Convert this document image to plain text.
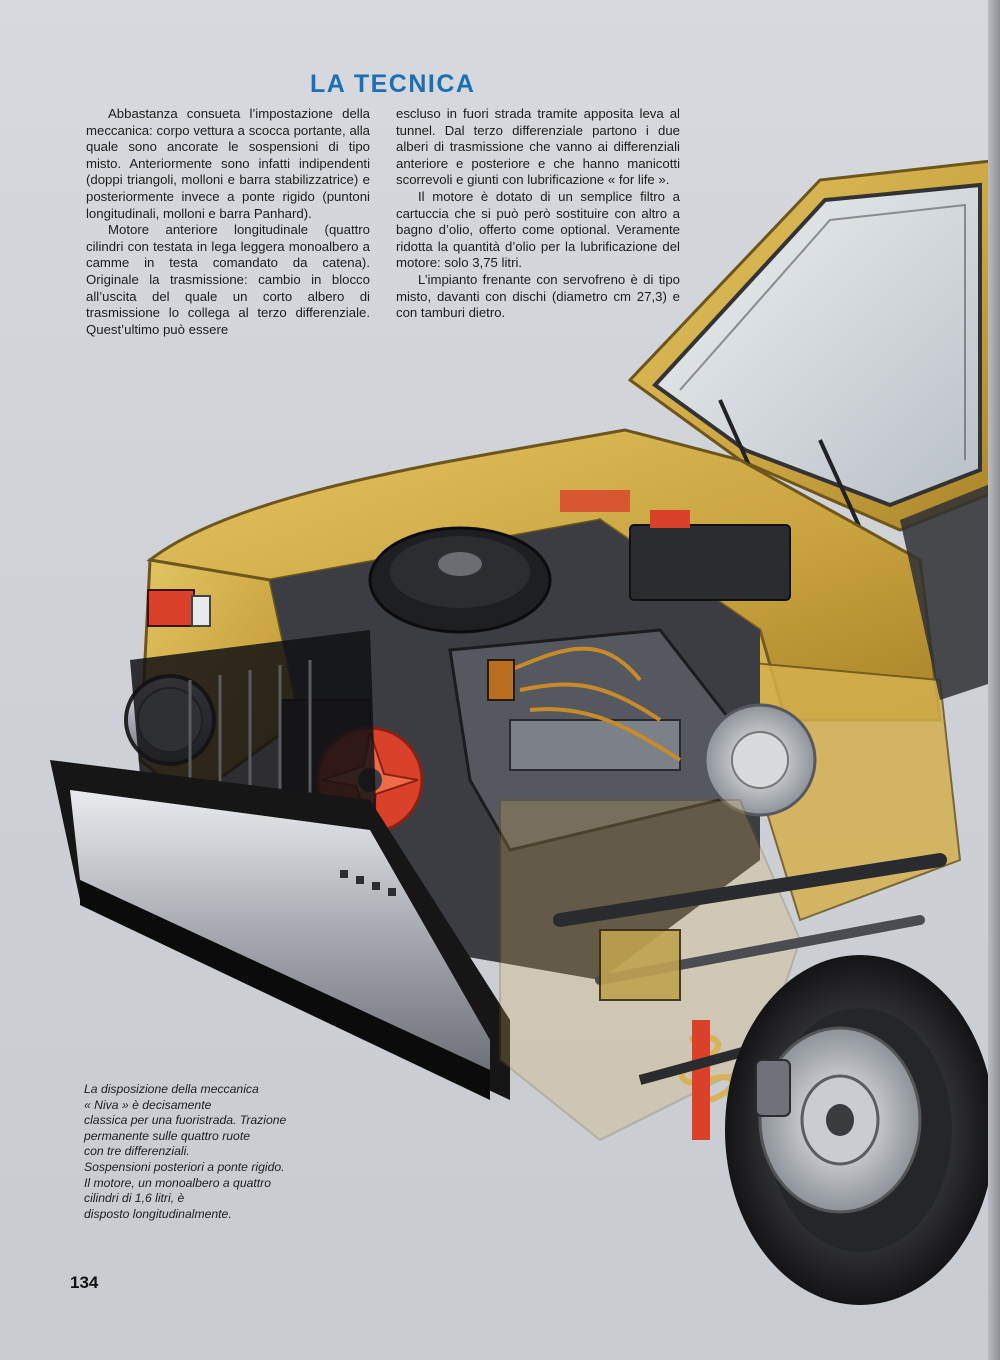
LA TECNICA

Abbastanza consueta l’impostazione della meccanica: corpo vettura a scocca portante, alla quale sono ancorate le sospensioni di tipo misto. Anteriormente sono infatti indipendenti (doppi triangoli, molloni e barra stabilizzatrice) e posteriormente invece a ponte rigido (puntoni longitudinali, molloni e barra Panhard).

Motore anteriore longitudinale (quattro cilindri con testata in lega leggera monoalbero a camme in testa comandato da catena). Originale la trasmissione: cambio in blocco all’uscita del quale un corto albero di trasmissione lo collega al terzo differenziale. Quest’ultimo può essere

escluso in fuori strada tramite apposita leva al tunnel. Dal terzo differenziale partono i due alberi di trasmissione che vanno ai differenziali anteriore e posteriore e che hanno manicotti scorrevoli e giunti con lubrificazione « for life ».

Il motore è dotato di un semplice filtro a cartuccia che si può però sostituire con altro a bagno d’olio, offerto come optional. Veramente ridotta la quantità d’olio per la lubrificazione del motore: solo 3,75 litri.

L’impianto frenante con servofreno è di tipo misto, davanti con dischi (diametro cm 27,3) e con tamburi dietro.

La disposizione della meccanica
« Niva » è decisamente
classica per una fuoristrada. Trazione
permanente sulle quattro ruote
con tre differenziali.
Sospensioni posteriori a ponte rigido.
Il motore, un monoalbero a quattro
cilindri di 1,6 litri, è
disposto longitudinalmente.
134
